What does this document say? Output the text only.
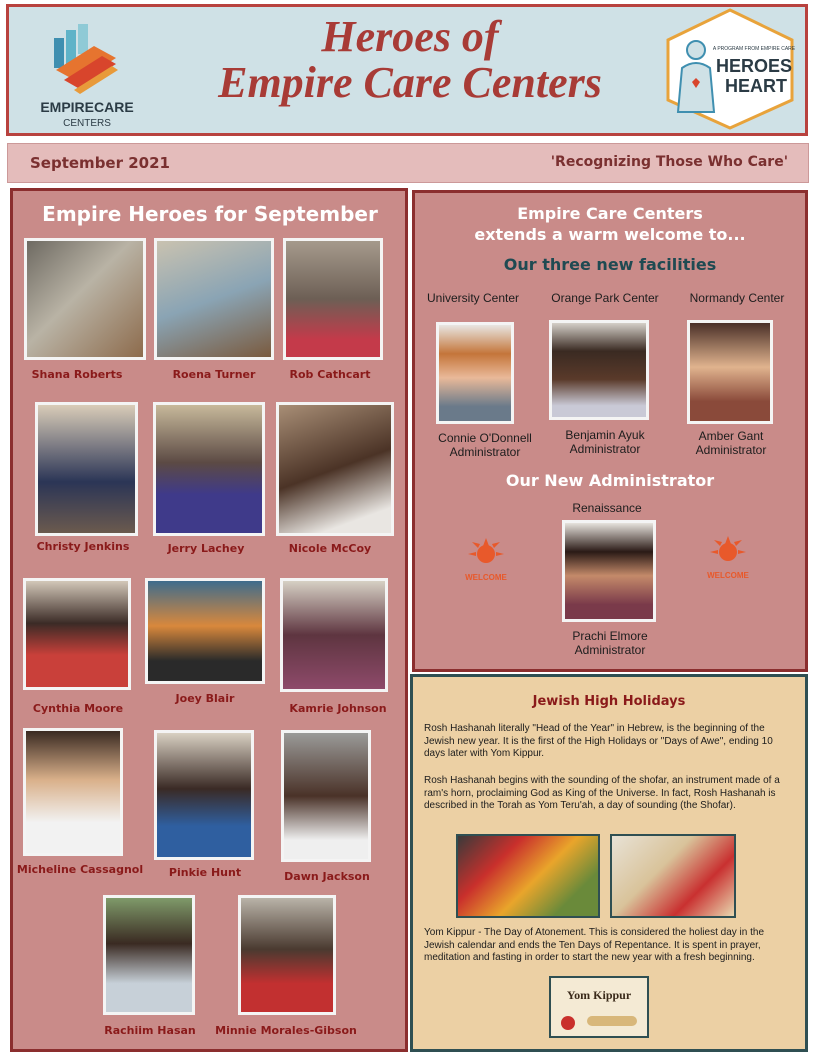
EMPIRECARE
CENTERS
Heroes of
Empire Care Centers
A PROGRAM FROM EMPIRE CARE
HEROES
HEART
September 2021	'Recognizing Those Who Care'
Empire Heroes for September
Shana Roberts	Roena Turner	Rob Cathcart
Christy Jenkins	Jerry Lachey	Nicole McCoy
Cynthia Moore
Joey Blair
Kamrie Johnson
Micheline Cassagnol	Pinkie Hunt	Dawn Jackson
Rachiim Hasan	Minnie Morales-Gibson
Empire Care Centers
extends a warm welcome to...
Our three new facilities
University Center	Orange Park Center	Normandy Center
Connie O'Donnell
Administrator
Benjamin Ayuk
Administrator
Amber Gant
Administrator
Our New Administrator
Renaissance
WELCOME	WELCOME
Prachi Elmore
Administrator
Jewish High Holidays
Rosh Hashanah literally "Head of the Year" in Hebrew, is the beginning of the Jewish new year. It is the first of the High Holidays or "Days of Awe", ending 10 days later with Yom Kippur.
Rosh Hashanah begins with the sounding of the shofar, an instrument made of a ram's horn, proclaiming God as King of the Universe. In fact, Rosh Hashanah is described in the Torah as Yom Teru'ah, a day of sounding (the Shofar).
Yom Kippur - The Day of Atonement. This is considered the holiest day in the Jewish calendar and ends the Ten Days of Repentance. It is spent in prayer, meditation and fasting in order to start the new year with a fresh beginning.
Yom Kippur
